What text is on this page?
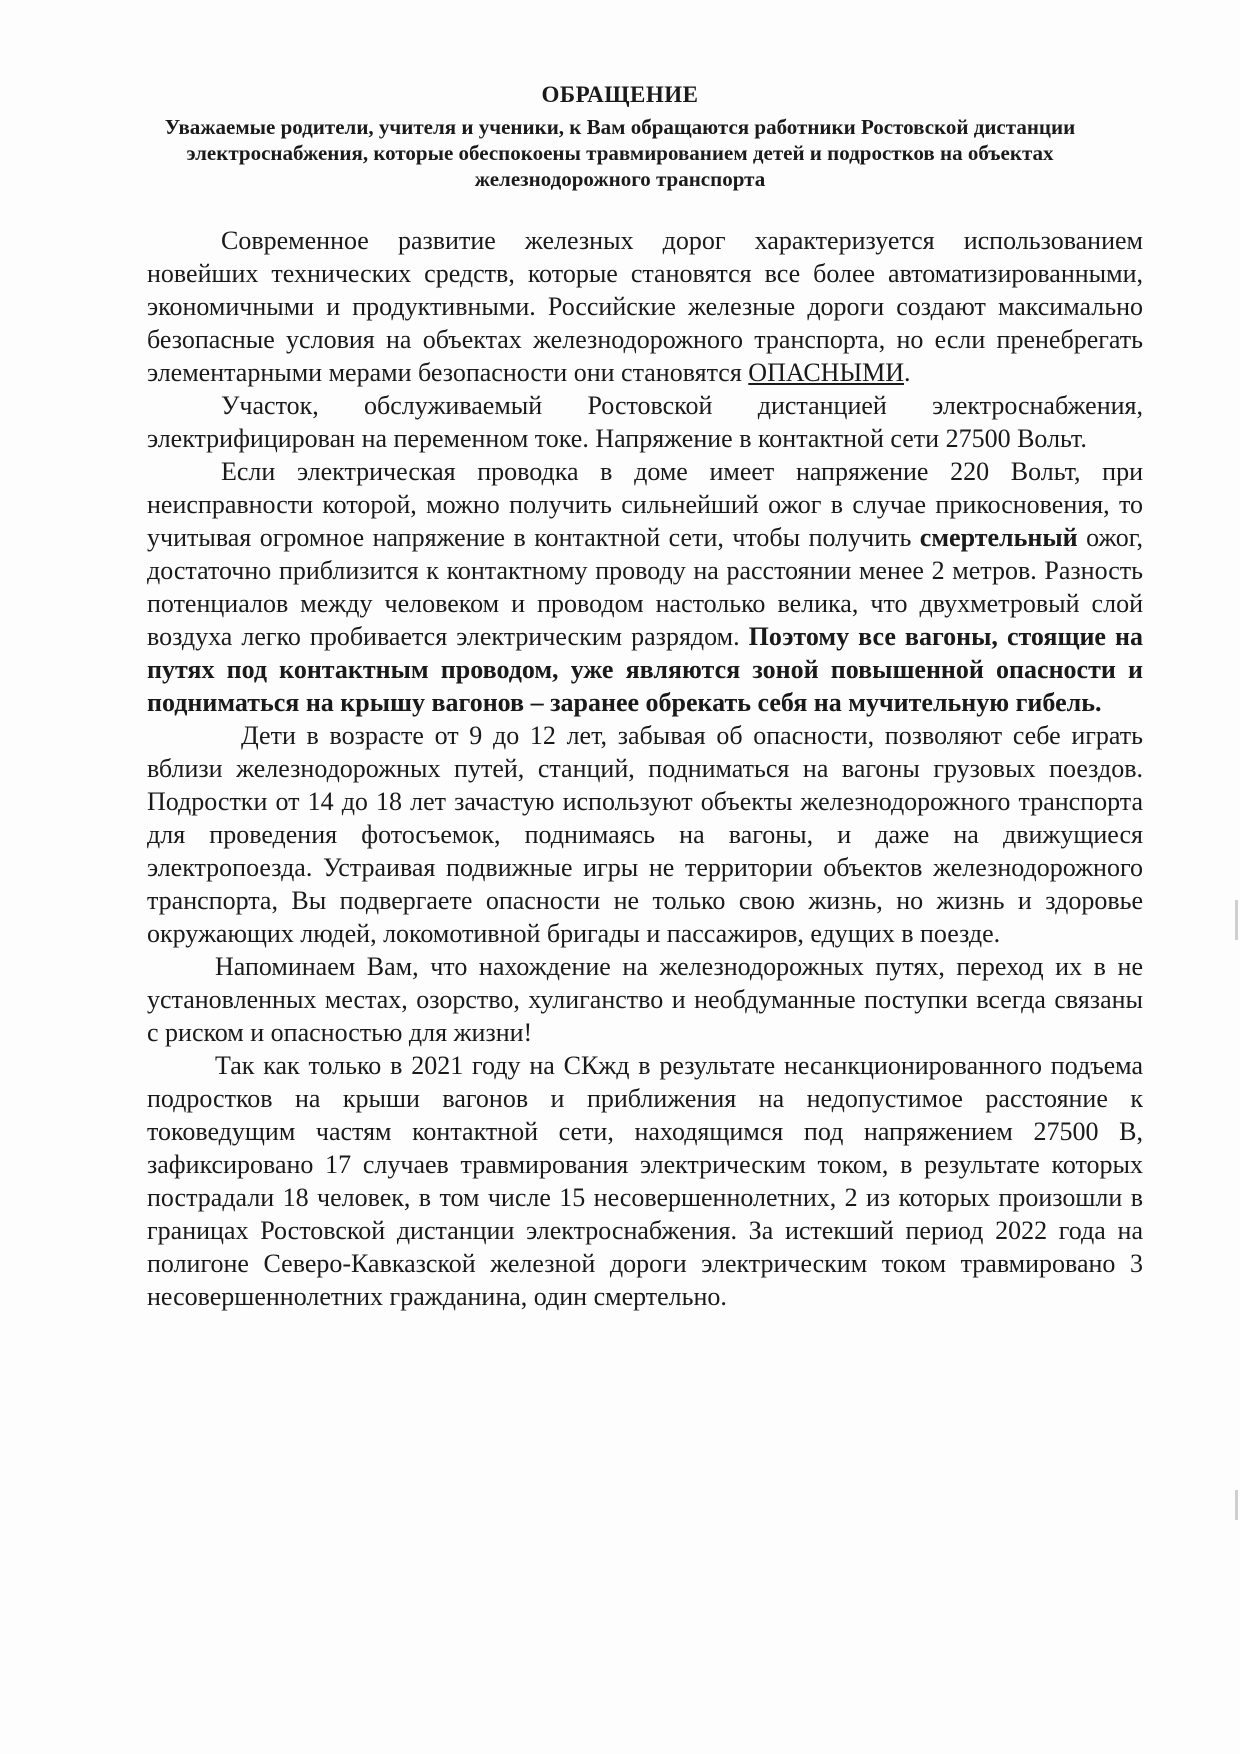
ОБРАЩЕНИЕ
Уважаемые родители, учителя и ученики, к Вам обращаются работники Ростовской дистанции электроснабжения, которые обеспокоены травмированием детей и подростков на объектах железнодорожного транспорта

Современное развитие железных дорог характеризуется использованием новейших технических средств, которые становятся все более автоматизированными, экономичными и продуктивными. Российские железные дороги создают максимально безопасные условия на объектах железнодорожного транспорта, но если пренебрегать элементарными мерами безопасности они становятся ОПАСНЫМИ.

Участок, обслуживаемый Ростовской дистанцией электроснабжения, электрифицирован на переменном токе. Напряжение в контактной сети 27500 Вольт.

Если электрическая проводка в доме имеет напряжение 220 Вольт, при неисправности которой, можно получить сильнейший ожог в случае прикосновения, то учитывая огромное напряжение в контактной сети, чтобы получить смертельный ожог, достаточно приблизится к контактному проводу на расстоянии менее 2 метров. Разность потенциалов между человеком и проводом настолько велика, что двухметровый слой воздуха легко пробивается электрическим разрядом. Поэтому все вагоны, стоящие на путях под контактным проводом, уже являются зоной повышенной опасности и подниматься на крышу вагонов – заранее обрекать себя на мучительную гибель.

Дети в возрасте от 9 до 12 лет, забывая об опасности, позволяют себе играть вблизи железнодорожных путей, станций, подниматься на вагоны грузовых поездов. Подростки от 14 до 18 лет зачастую используют объекты железнодорожного транспорта для проведения фотосъемок, поднимаясь на вагоны, и даже на движущиеся электропоезда. Устраивая подвижные игры не территории объектов железнодорожного транспорта, Вы подвергаете опасности не только свою жизнь, но жизнь и здоровье окружающих людей, локомотивной бригады и пассажиров, едущих в поезде.

Напоминаем Вам, что нахождение на железнодорожных путях, переход их в не установленных местах, озорство, хулиганство и необдуманные поступки всегда связаны с риском и опасностью для жизни!

Так как только в 2021 году на СКжд в результате несанкционированного подъема подростков на крыши вагонов и приближения на недопустимое расстояние к токоведущим частям контактной сети, находящимся под напряжением 27500 В, зафиксировано 17 случаев травмирования электрическим током, в результате которых пострадали 18 человек, в том числе 15 несовершеннолетних, 2 из которых произошли в границах Ростовской дистанции электроснабжения. За истекший период 2022 года на полигоне Северо-Кавказской железной дороги электрическим током травмировано 3 несовершеннолетних гражданина, один смертельно.
